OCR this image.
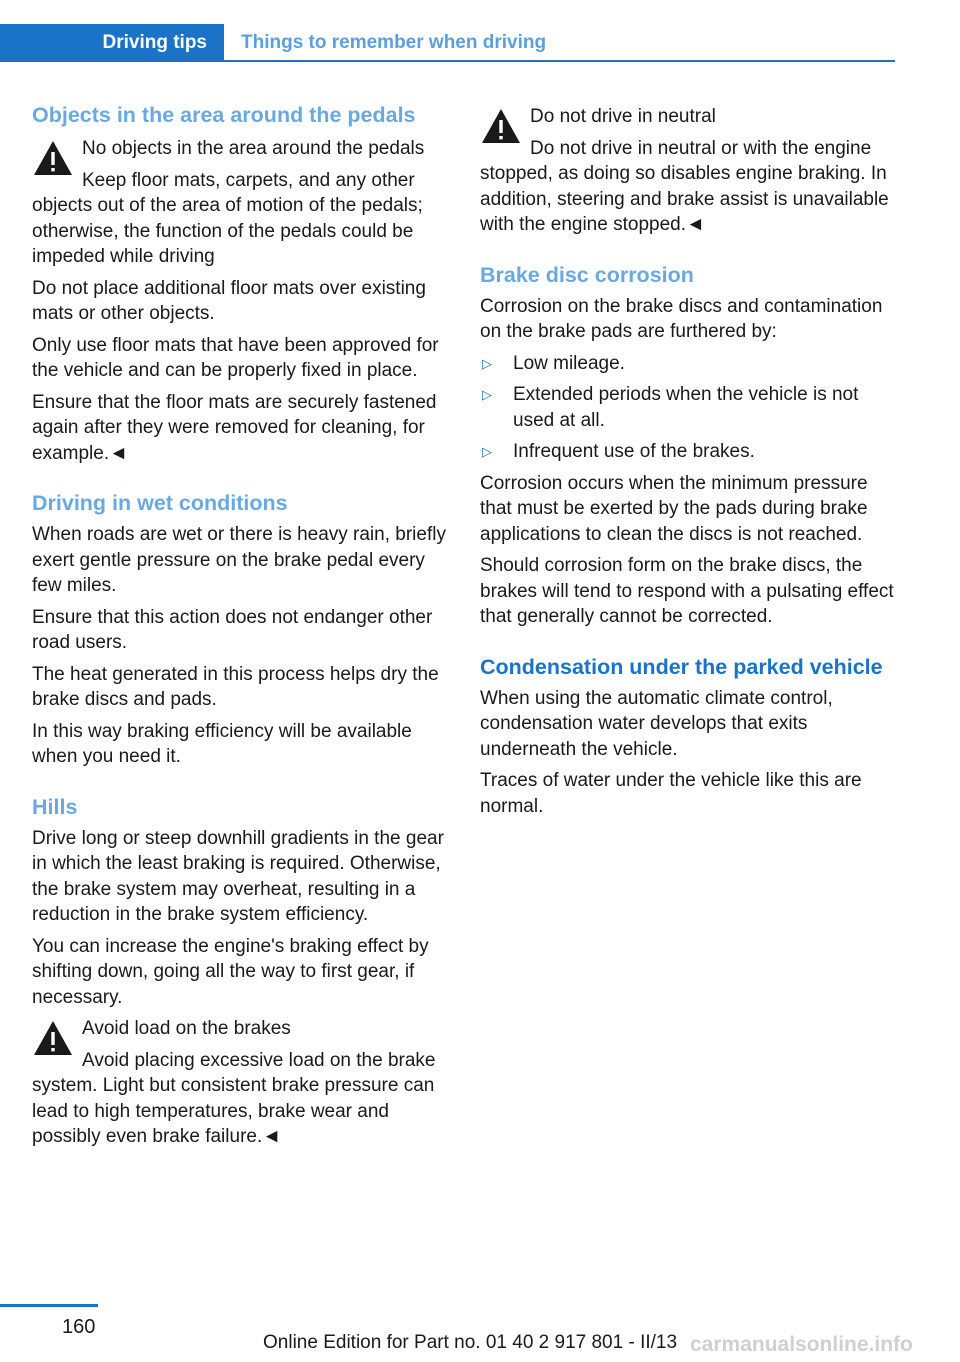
Driving tips Things to remember when driving
Objects in the area around the pedals
No objects in the area around the pedals
Keep floor mats, carpets, and any other objects out of the area of motion of the pedals; otherwise, the function of the pedals could be impeded while driving

Do not place additional floor mats over existing mats or other objects.

Only use floor mats that have been approved for the vehicle and can be properly fixed in place.

Ensure that the floor mats are securely fastened again after they were removed for cleaning, for example.◄

Driving in wet conditions

When roads are wet or there is heavy rain, briefly exert gentle pressure on the brake pedal every few miles.

Ensure that this action does not endanger other road users.

The heat generated in this process helps dry the brake discs and pads.

In this way braking efficiency will be available when you need it.

Hills

Drive long or steep downhill gradients in the gear in which the least braking is required. Otherwise, the brake system may overheat, resulting in a reduction in the brake system efficiency.

You can increase the engine's braking effect by shifting down, going all the way to first gear, if necessary.

Avoid load on the brakes
Avoid placing excessive load on the brake system. Light but consistent brake pressure can lead to high temperatures, brake wear and possibly even brake failure.◄
Do not drive in neutral
Do not drive in neutral or with the engine stopped, as doing so disables engine braking. In addition, steering and brake assist is unavailable with the engine stopped.◄
Brake disc corrosion

Corrosion on the brake discs and contamination on the brake pads are furthered by:

▷ Low mileage.
▷ Extended periods when the vehicle is not used at all.
▷ Infrequent use of the brakes.

Corrosion occurs when the minimum pressure that must be exerted by the pads during brake applications to clean the discs is not reached.

Should corrosion form on the brake discs, the brakes will tend to respond with a pulsating effect that generally cannot be corrected.

Condensation under the parked vehicle

When using the automatic climate control, condensation water develops that exits underneath the vehicle.

Traces of water under the vehicle like this are normal.

160
Online Edition for Part no. 01 40 2 917 801 - II/13 carmanualsonline.info
